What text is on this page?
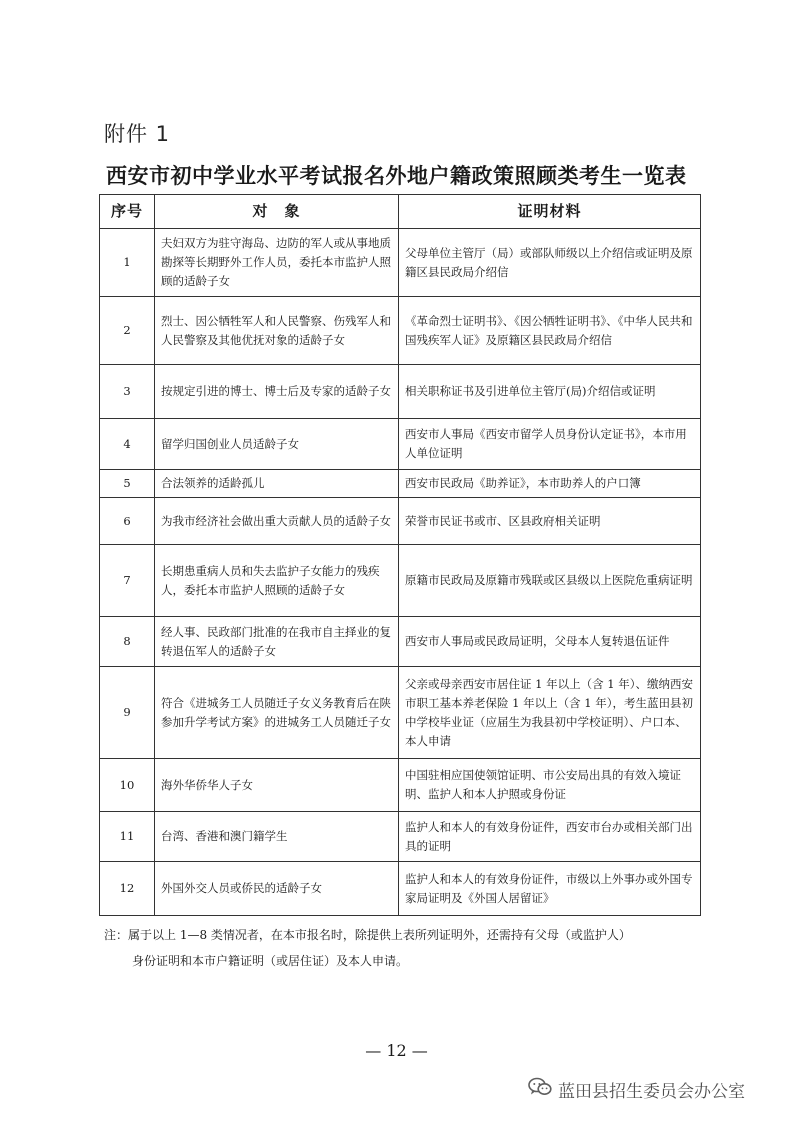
附件 1
西安市初中学业水平考试报名外地户籍政策照顾类考生一览表
序号	对　象	证明材料
1	夫妇双方为驻守海岛、边防的军人或从事地质勘探等长期野外工作人员，委托本市监护人照顾的适龄子女	父母单位主管厅（局）或部队师级以上介绍信或证明及原籍区县民政局介绍信
2	烈士、因公牺牲军人和人民警察、伤残军人和人民警察及其他优抚对象的适龄子女	《革命烈士证明书》、《因公牺牲证明书》、《中华人民共和国残疾军人证》及原籍区县民政局介绍信
3	按规定引进的博士、博士后及专家的适龄子女	相关职称证书及引进单位主管厅(局)介绍信或证明
4	留学归国创业人员适龄子女	西安市人事局《西安市留学人员身份认定证书》，本市用人单位证明
5	合法领养的适龄孤儿	西安市民政局《助养证》，本市助养人的户口簿
6	为我市经济社会做出重大贡献人员的适龄子女	荣誉市民证书或市、区县政府相关证明
7	长期患重病人员和失去监护子女能力的残疾人，委托本市监护人照顾的适龄子女	原籍市民政局及原籍市残联或区县级以上医院危重病证明
8	经人事、民政部门批准的在我市自主择业的复转退伍军人的适龄子女	西安市人事局或民政局证明，父母本人复转退伍证件
9	符合《进城务工人员随迁子女义务教育后在陕参加升学考试方案》的进城务工人员随迁子女	父亲或母亲西安市居住证 1 年以上（含 1 年）、缴纳西安市职工基本养老保险 1 年以上（含 1 年），考生蓝田县初中学校毕业证（应届生为我县初中学校证明）、户口本、本人申请
10	海外华侨华人子女	中国驻相应国使领馆证明、市公安局出具的有效入境证明、监护人和本人护照或身份证
11	台湾、香港和澳门籍学生	监护人和本人的有效身份证件，西安市台办或相关部门出具的证明
12	外国外交人员或侨民的适龄子女	监护人和本人的有效身份证件，市级以上外事办或外国专家局证明及《外国人居留证》
注：属于以上 1—8 类情况者，在本市报名时，除提供上表所列证明外，还需持有父母（或监护人）
身份证明和本市户籍证明（或居住证）及本人申请。
— 12 —
蓝田县招生委员会办公室
